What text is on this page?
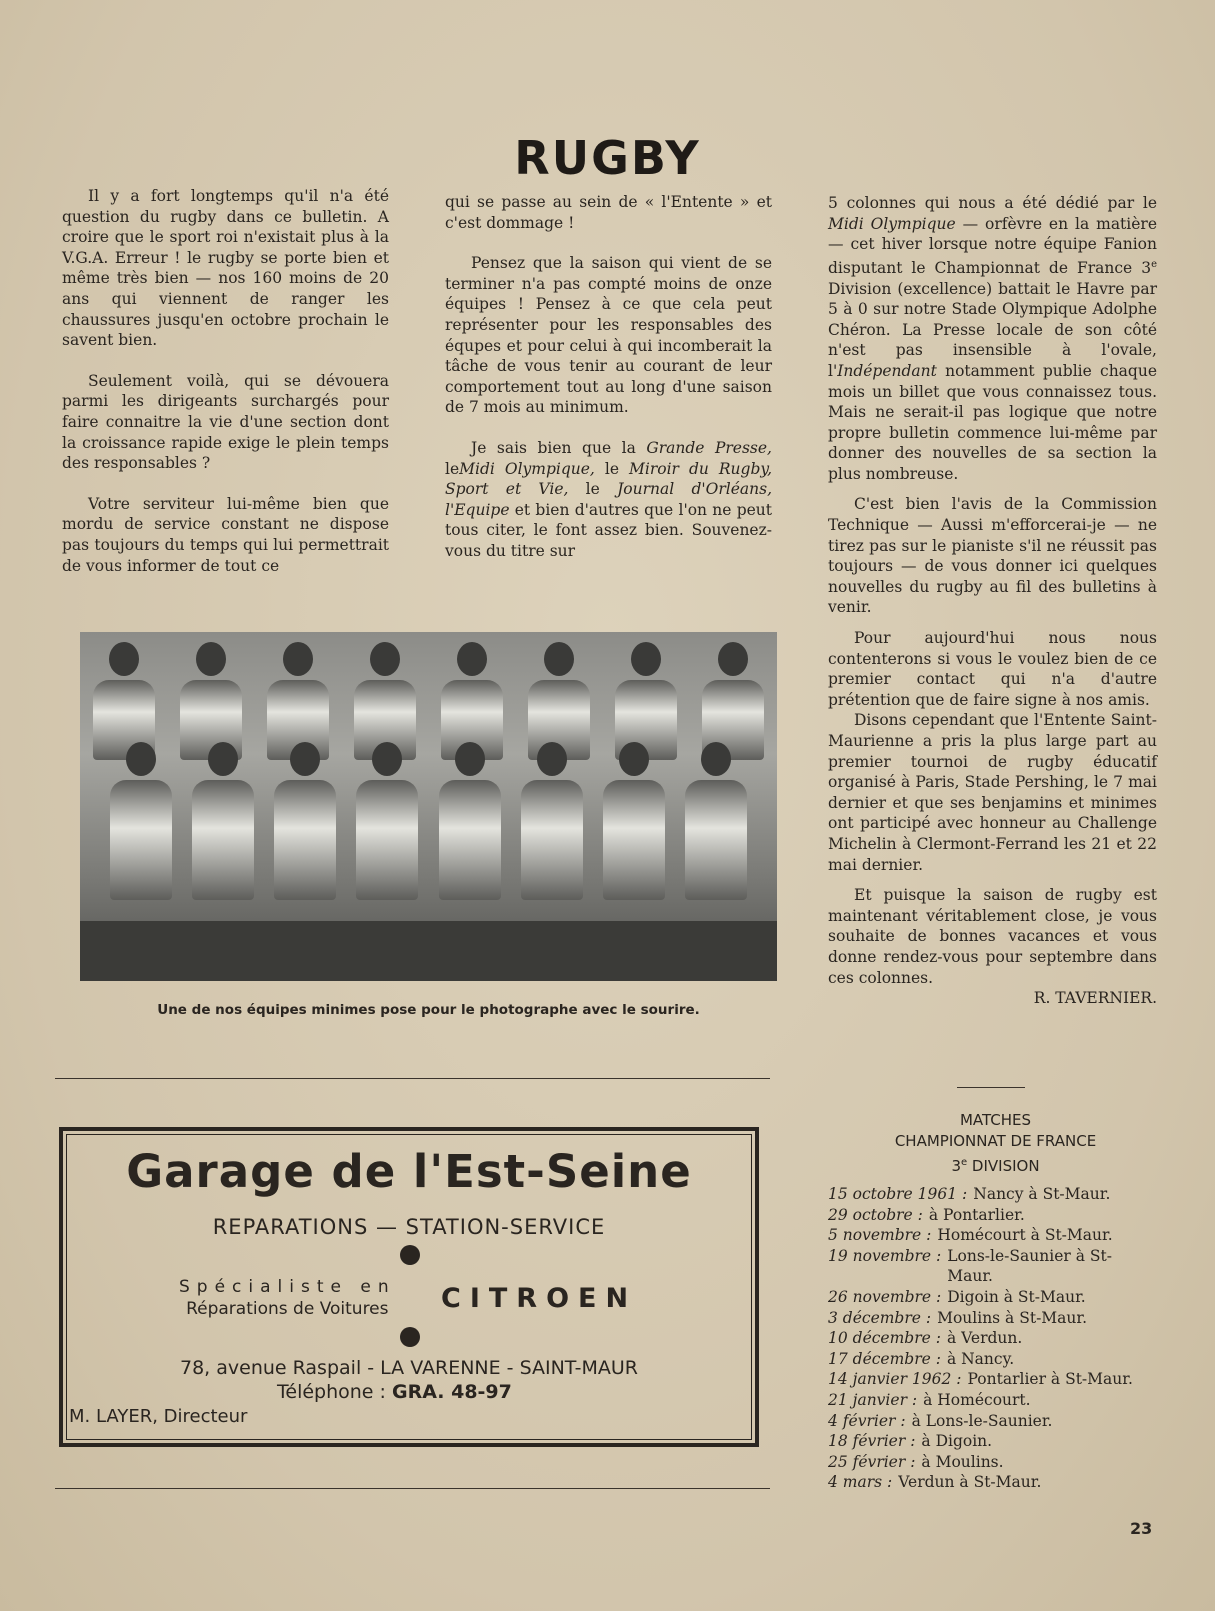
RUGBY

Il y a fort longtemps qu'il n'a été question du rugby dans ce bulletin. A croire que le sport roi n'existait plus à la V.G.A. Erreur ! le rugby se porte bien et même très bien — nos 160 moins de 20 ans qui viennent de ranger les chaussures jusqu'en octobre prochain le savent bien.

Seulement voilà, qui se dévouera parmi les dirigeants surchargés pour faire connaitre la vie d'une section dont la croissance rapide exige le plein temps des responsables ?

Votre serviteur lui-même bien que mordu de service constant ne dispose pas toujours du temps qui lui permettrait de vous informer de tout ce

qui se passe au sein de « l'Entente » et c'est dommage !

Pensez que la saison qui vient de se terminer n'a pas compté moins de onze équipes ! Pensez à ce que cela peut représenter pour les responsables des équpes et pour celui à qui incomberait la tâche de vous tenir au courant de leur comportement tout au long d'une saison de 7 mois au minimum.

Je sais bien que la Grande Presse, leMidi Olympique, le Miroir du Rugby, Sport et Vie, le Journal d'Orléans, l'Equipe et bien d'autres que l'on ne peut tous citer, le font assez bien. Souvenez-vous du titre sur

5 colonnes qui nous a été dédié par le Midi Olympique — orfèvre en la matière — cet hiver lorsque notre équipe Fanion disputant le Championnat de France 3e Division (excellence) battait le Havre par 5 à 0 sur notre Stade Olympique Adolphe Chéron. La Presse locale de son côté n'est pas insensible à l'ovale, l'Indépendant notamment publie chaque mois un billet que vous connaissez tous. Mais ne serait-il pas logique que notre propre bulletin commence lui-même par donner des nouvelles de sa section la plus nombreuse.

C'est bien l'avis de la Commission Technique — Aussi m'efforcerai-je — ne tirez pas sur le pianiste s'il ne réussit pas toujours — de vous donner ici quelques nouvelles du rugby au fil des bulletins à venir.

Pour aujourd'hui nous nous contenterons si vous le voulez bien de ce premier contact qui n'a d'autre prétention que de faire signe à nos amis.

Disons cependant que l'Entente Saint-Maurienne a pris la plus large part au premier tournoi de rugby éducatif organisé à Paris, Stade Pershing, le 7 mai dernier et que ses benjamins et minimes ont participé avec honneur au Challenge Michelin à Clermont-Ferrand les 21 et 22 mai dernier.

Et puisque la saison de rugby est maintenant véritablement close, je vous souhaite de bonnes vacances et vous donne rendez-vous pour septembre dans ces colonnes.

R. TAVERNIER.

Une de nos équipes minimes pose pour le photographe avec le sourire.
Garage de l'Est-Seine
REPARATIONS — STATION-SERVICE
Spécialiste en
Réparations de Voitures CITROEN
78, avenue Raspail - LA VARENNE - SAINT-MAUR
Téléphone : GRA. 48-97
M. LAYER, Directeur
MATCHES
CHAMPIONNAT DE FRANCE
3e DIVISION
15 octobre 1961 : Nancy à St-Maur.
29 octobre : à Pontarlier.
5 novembre : Homécourt à St-Maur.
19 novembre : Lons-le-Saunier à St-Maur.
26 novembre : Digoin à St-Maur.
3 décembre : Moulins à St-Maur.
10 décembre : à Verdun.
17 décembre : à Nancy.
14 janvier 1962 : Pontarlier à St-Maur.
21 janvier : à Homécourt.
4 février : à Lons-le-Saunier.
18 février : à Digoin.
25 février : à Moulins.
4 mars : Verdun à St-Maur.
23
